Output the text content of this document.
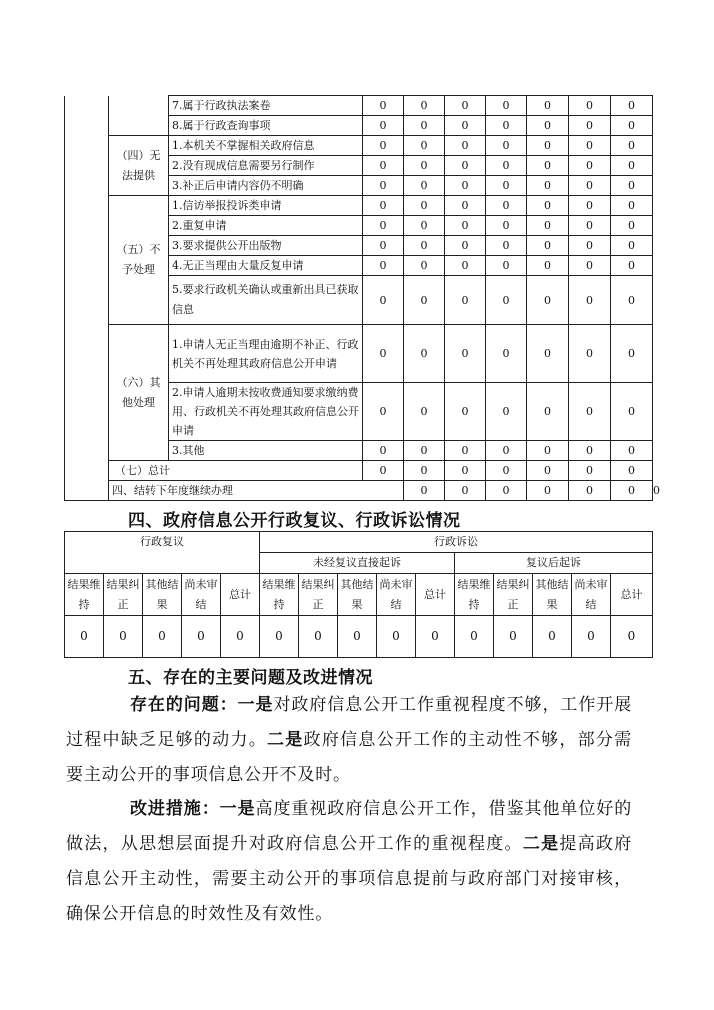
		7.属于行政执法案卷	0	0	0	0	0	0	0	
		8.属于行政查询事项	0	0	0	0	0	0	0	
	（四）无法提供	1.本机关不掌握相关政府信息	0	0	0	0	0	0	0	
		2.没有现成信息需要另行制作	0	0	0	0	0	0	0	
		3.补正后申请内容仍不明确	0	0	0	0	0	0	0	
	（五）不予处理	1.信访举报投诉类申请	0	0	0	0	0	0	0	
		2.重复申请	0	0	0	0	0	0	0	
		3.要求提供公开出版物	0	0	0	0	0	0	0	
		4.无正当理由大量反复申请	0	0	0	0	0	0	0	
		5.要求行政机关确认或重新出具已获取信息	0	0	0	0	0	0	0	
	（六）其他处理	1.申请人无正当理由逾期不补正、行政机关不再处理其政府信息公开申请	0	0	0	0	0	0	0	
		2.申请人逾期未按收费通知要求缴纳费用、行政机关不再处理其政府信息公开申请	0	0	0	0	0	0	0	
		3.其他	0	0	0	0	0	0	0	
	（七）总计		0	0	0	0	0	0	0	
	四、结转下年度继续办理			0	0	0	0	0	0	0
四、政府信息公开行政复议、行政诉讼情况
行政复议					行政诉讼									
					未经复议直接起诉					复议后起诉				
结果维持	结果纠正	其他结果	尚未审结	总计	结果维持	结果纠正	其他结果	尚未审结	总计	结果维持	结果纠正	其他结果	尚未审结	总计
0	0	0	0	0	0	0	0	0	0	0	0	0	0	0
五、存在的主要问题及改进情况

存在的问题：一是对政府信息公开工作重视程度不够，工作开展过程中缺乏足够的动力。二是政府信息公开工作的主动性不够，部分需要主动公开的事项信息公开不及时。

改进措施：一是高度重视政府信息公开工作，借鉴其他单位好的做法，从思想层面提升对政府信息公开工作的重视程度。二是提高政府信息公开主动性，需要主动公开的事项信息提前与政府部门对接审核，确保公开信息的时效性及有效性。
